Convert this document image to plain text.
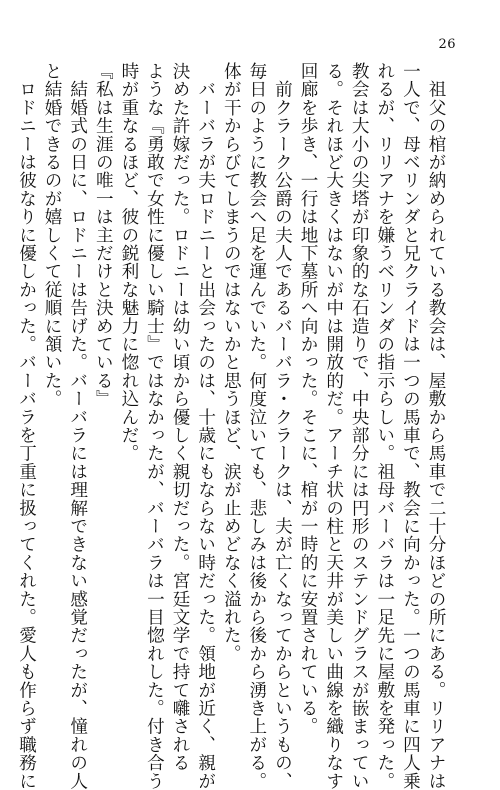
26

　祖父の棺が納められている教会は、屋敷から馬車で二十分ほどの所にある。リリアナは

一人で、母ベリンダと兄クライドは一つの馬車で、教会に向かった。一つの馬車に四人乗

れるが、リリアナを嫌うベリンダの指示らしい。祖母バーバラは一足先に屋敷を発った。

教会は大小の尖塔が印象的な石造りで、中央部分には円形のステンドグラスが嵌まってい

る。それほど大きくはないが中は開放的だ。アーチ状の柱と天井が美しい曲線を織りなす

回廊を歩き、一行は地下墓所へ向かった。そこに、棺が一時的に安置されている。

　前クラーク公爵の夫人であるバーバラ・クラークは、夫が亡くなってからというもの、

毎日のように教会へ足を運んでいた。何度泣いても、悲しみは後から後から湧き上がる。

体が干からびてしまうのではないかと思うほど、涙が止めどなく溢れた。

　バーバラが夫ロドニーと出会ったのは、十歳にもならない時だった。領地が近く、親が

決めた許嫁だった。ロドニーは幼い頃から優しく親切だった。宮廷文学で持て囃される

ような『勇敢で女性に優しい騎士』ではなかったが、バーバラは一目惚れした。付き合う

時が重なるほど、彼の鋭利な魅力に惚れ込んだ。

『私は生涯の唯一は主だけと決めている』

　結婚式の日に、ロドニーは告げた。バーバラには理解できない感覚だったが、憧れの人

と結婚できるのが嬉しくて従順に頷いた。

　ロドニーは彼なりに優しかった。バーバラを丁重に扱ってくれた。愛人も作らず職務に
